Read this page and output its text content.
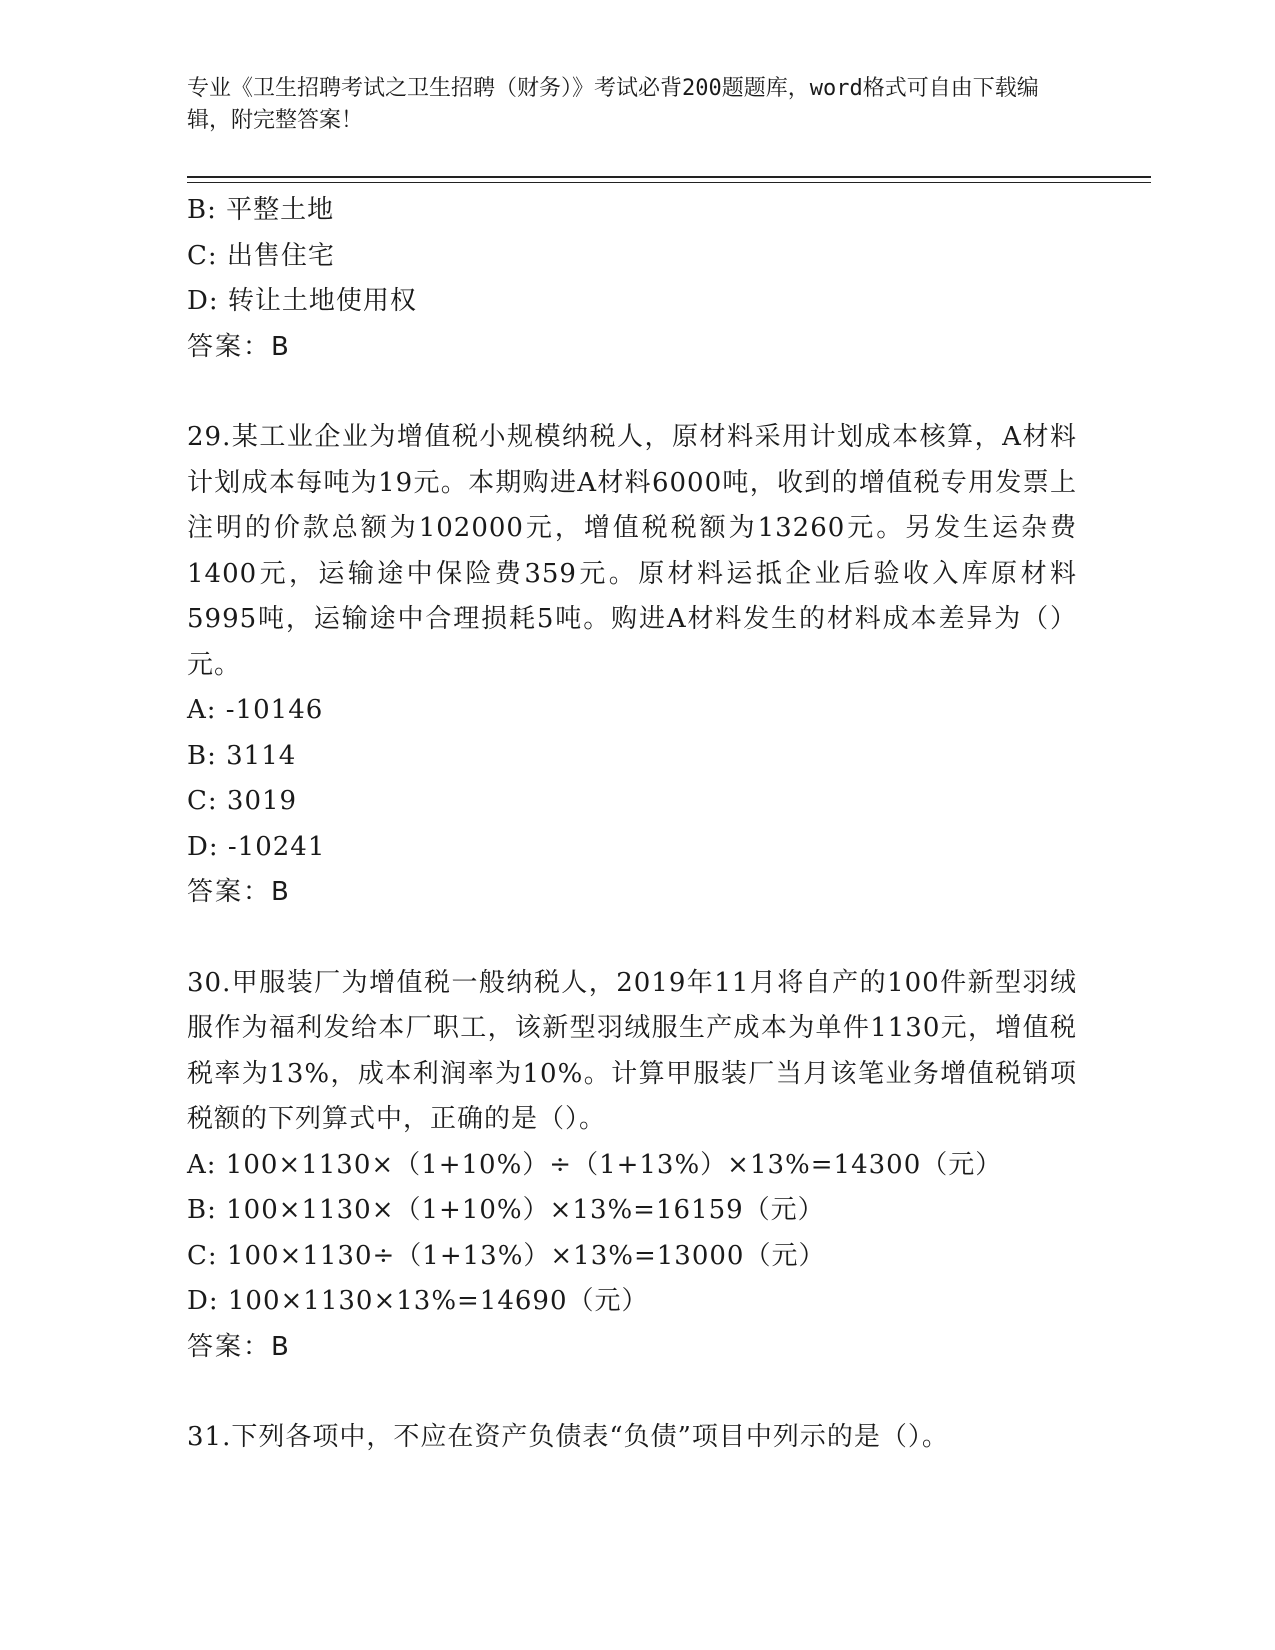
专业《卫生招聘考试之卫生招聘（财务）》考试必背200题题库，word格式可自由下载编辑，附完整答案！
B: 平整土地
C: 出售住宅
D: 转让土地使用权
答案：B
29.某工业企业为增值税小规模纳税人，原材料采用计划成本核算，A材料计划成本每吨为19元。本期购进A材料6000吨，收到的增值税专用发票上注明的价款总额为102000元，增值税税额为13260元。另发生运杂费1400元，运输途中保险费359元。原材料运抵企业后验收入库原材料5995吨，运输途中合理损耗5吨。购进A材料发生的材料成本差异为（）元。
A: -10146
B: 3114
C: 3019
D: -10241
答案：B
30.甲服装厂为增值税一般纳税人，2019年11月将自产的100件新型羽绒服作为福利发给本厂职工，该新型羽绒服生产成本为单件1130元，增值税税率为13%，成本利润率为10%。计算甲服装厂当月该笔业务增值税销项税额的下列算式中，正确的是（）。
A: 100×1130×（1+10%）÷（1+13%）×13%=14300（元）
B: 100×1130×（1+10%）×13%=16159（元）
C: 100×1130÷（1+13%）×13%=13000（元）
D: 100×1130×13%=14690（元）
答案：B
31.下列各项中，不应在资产负债表“负债”项目中列示的是（）。
